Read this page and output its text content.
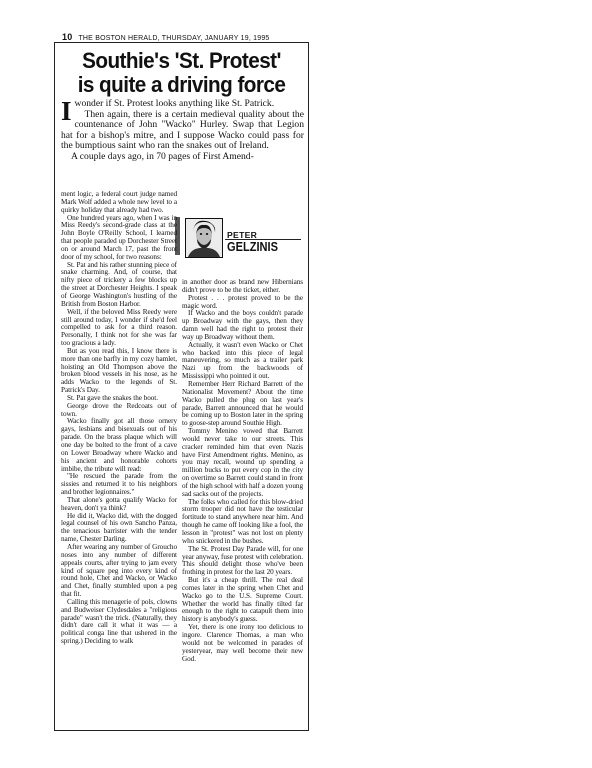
10 THE BOSTON HERALD, THURSDAY, JANUARY 19, 1995
Southie's 'St. Protest'
is quite a driving force

Iwonder if St. Protest looks anything like St. Patrick.

Then again, there is a certain medieval quality about the countenance of John "Wacko" Hurley. Swap that Legion hat for a bishop's mitre, and I suppose Wacko could pass for the bumptious saint who ran the snakes out of Ireland.

A couple days ago, in 70 pages of First Amend-

PETER
GELZINIS

ment logic, a federal court judge named Mark Wolf added a whole new level to a quirky holiday that already had two.

One hundred years ago, when I was in Miss Reedy's second-grade class at the John Boyle O'Reilly School, I learned that people paraded up Dorchester Street on or around March 17, past the front door of my school, for two reasons:

St. Pat and his rather stunning piece of snake charming. And, of course, that nifty piece of trickery a few blocks up the street at Dorchester Heights. I speak of George Washington's hustling of the British from Boston Harbor.

Well, if the beloved Miss Reedy were still around today, I wonder if she'd feel compelled to ask for a third reason. Personally, I think not for she was far too gracious a lady.

But as you read this, I know there is more than one barfly in my cozy hamlet, hoisting an Old Thompson above the broken blood vessels in his nose, as he adds Wacko to the legends of St. Patrick's Day.

St. Pat gave the snakes the boot.

George drove the Redcoats out of town.

Wacko finally got all those ornery gays, lesbians and bisexuals out of his parade. On the brass plaque which will one day be bolted to the front of a cave on Lower Broadway where Wacko and his ancient and honorable cohorts imbibe, the tribute will read:

"He rescued the parade from the sissies and returned it to his neighbors and brother legionnaires."

That alone's gotta qualify Wacko for heaven, don't ya think?

He did it, Wacko did, with the dogged legal counsel of his own Sancho Panza, the tenacious barrister with the tender name, Chester Darling.

After wearing any number of Groucho noses into any number of different appeals courts, after trying to jam every kind of square peg into every kind of round hole, Chet and Wacko, or Wacko and Chet, finally stumbled upon a peg that fit.

Calling this menagerie of pols, clowns and Budweiser Clydesdales a "religious parade" wasn't the trick. (Naturally, they didn't dare call it what it was — a political conga line that ushered in the spring.) Deciding to walk

in another door as brand new Hibernians didn't prove to be the ticket, either.

Protest . . . protest proved to be the magic word.

If Wacko and the boys couldn't parade up Broadway with the gays, then they damn well had the right to protest their way up Broadway without them.

Actually, it wasn't even Wacko or Chet who backed into this piece of legal maneuvering, so much as a trailer park Nazi up from the backwoods of Mississippi who pointed it out.

Remember Herr Richard Barrett of the Nationalist Movement? About the time Wacko pulled the plug on last year's parade, Barrett announced that he would be coming up to Boston later in the spring to goose-step around Southie High.

Tommy Menino vowed that Barrett would never take to our streets. This cracker reminded him that even Nazis have First Amendment rights. Menino, as you may recall, wound up spending a million bucks to put every cop in the city on overtime so Barrett could stand in front of the high school with half a dozen young sad sacks out of the projects.

The folks who called for this blow-dried storm trooper did not have the testicular fortitude to stand anywhere near him. And though he came off looking like a fool, the lesson in "protest" was not lost on plenty who snickered in the bushes.

The St. Protest Day Parade will, for one year anyway, fuse protest with celebration. This should delight those who've been frothing in protest for the last 20 years.

But it's a cheap thrill. The real deal comes later in the spring when Chet and Wacko go to the U.S. Supreme Court. Whether the world has finally tilted far enough to the right to catapult them into history is anybody's guess.

Yet, there is one irony too delicious to ingore. Clarence Thomas, a man who would not be welcomed in parades of yesteryear, may well become their new God.
